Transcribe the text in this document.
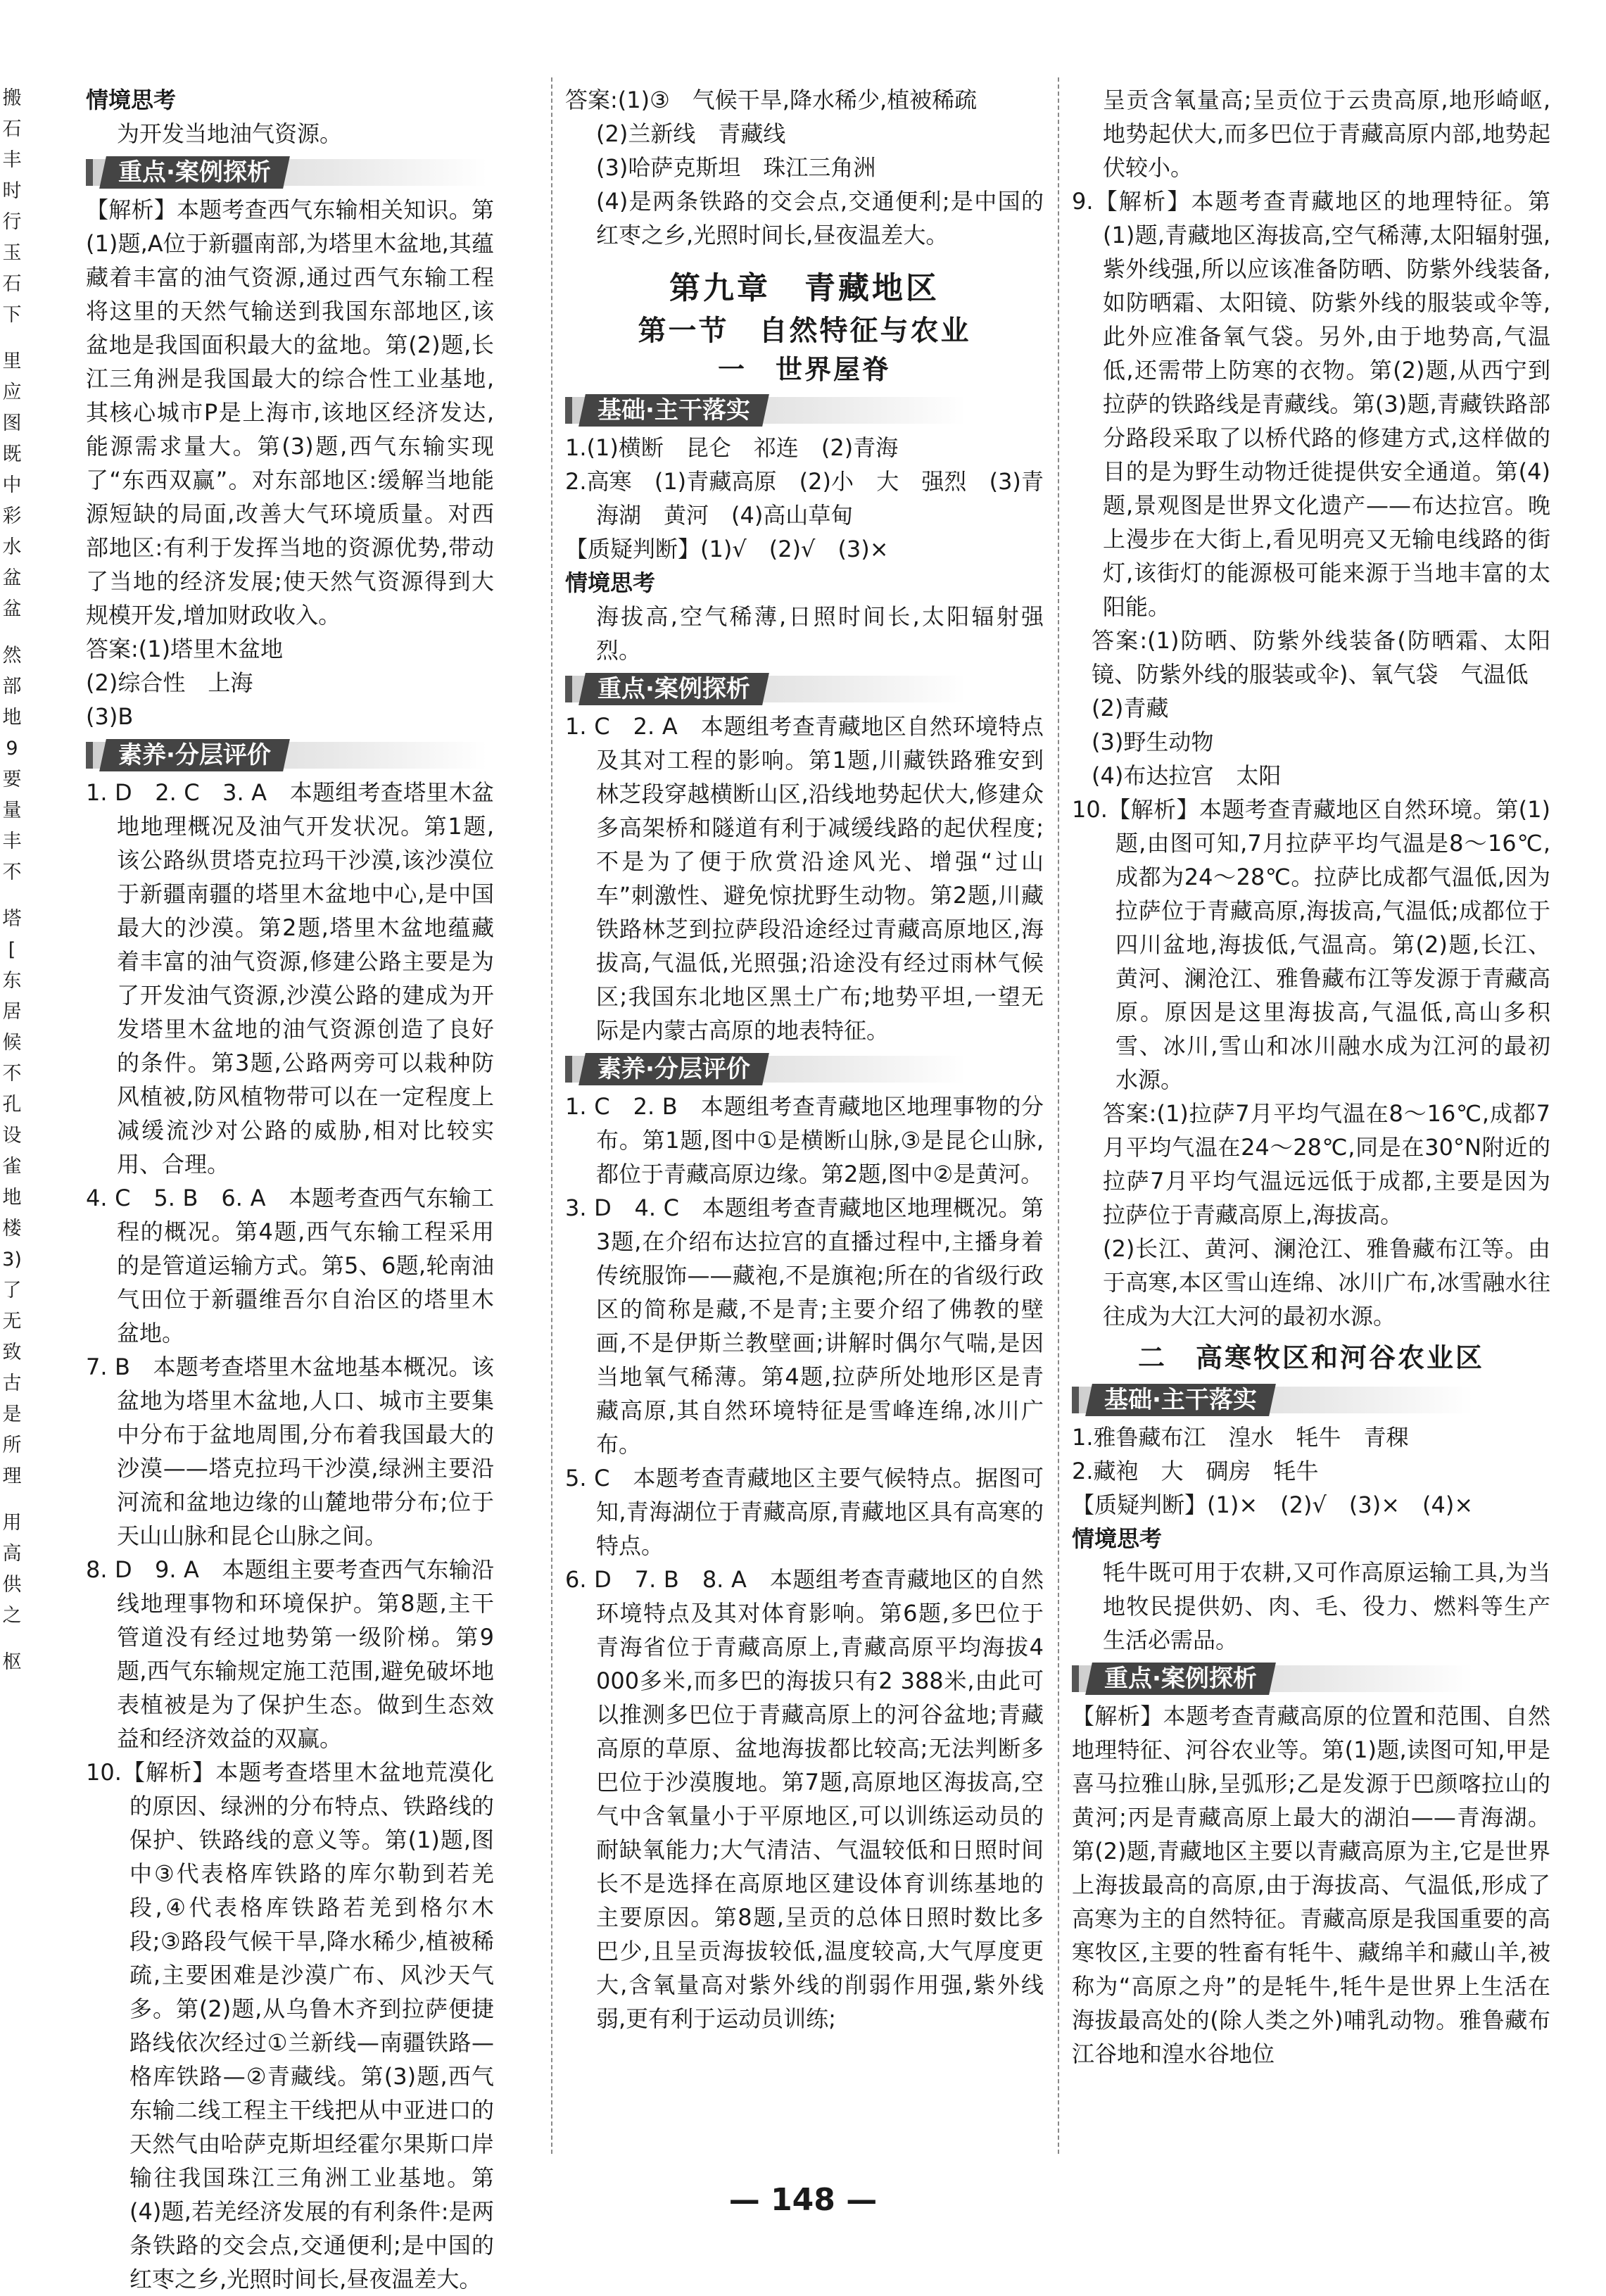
搬
石
丰
时
行
玉
石
下
里
应
图
既
中
彩
水
盆
盆
然
部
地
9
要
量
丰
不
塔
[
东
居
候
不
孔
设
雀
地
楼
3)
了
无
致
古
是
所
理
用
高
供
之
枢

情境思考

为开发当地油气资源。

重点·案例探析

【解析】本题考查西气东输相关知识。第(1)题,A位于新疆南部,为塔里木盆地,其蕴藏着丰富的油气资源,通过西气东输工程将这里的天然气输送到我国东部地区,该盆地是我国面积最大的盆地。第(2)题,长江三角洲是我国最大的综合性工业基地,其核心城市P是上海市,该地区经济发达,能源需求量大。第(3)题,西气东输实现了“东西双赢”。对东部地区:缓解当地能源短缺的局面,改善大气环境质量。对西部地区:有利于发挥当地的资源优势,带动了当地的经济发展;使天然气资源得到大规模开发,增加财政收入。

答案:(1)塔里木盆地

(2)综合性　上海

(3)B

素养·分层评价

1. D　2. C　3. A　本题组考查塔里木盆地地理概况及油气开发状况。第1题,该公路纵贯塔克拉玛干沙漠,该沙漠位于新疆南疆的塔里木盆地中心,是中国最大的沙漠。第2题,塔里木盆地蕴藏着丰富的油气资源,修建公路主要是为了开发油气资源,沙漠公路的建成为开发塔里木盆地的油气资源创造了良好的条件。第3题,公路两旁可以栽种防风植被,防风植物带可以在一定程度上减缓流沙对公路的威胁,相对比较实用、合理。

4. C　5. B　6. A　本题考查西气东输工程的概况。第4题,西气东输工程采用的是管道运输方式。第5、6题,轮南油气田位于新疆维吾尔自治区的塔里木盆地。

7. B　本题考查塔里木盆地基本概况。该盆地为塔里木盆地,人口、城市主要集中分布于盆地周围,分布着我国最大的沙漠——塔克拉玛干沙漠,绿洲主要沿河流和盆地边缘的山麓地带分布;位于天山山脉和昆仑山脉之间。

8. D　9. A　本题组主要考查西气东输沿线地理事物和环境保护。第8题,主干管道没有经过地势第一级阶梯。第9题,西气东输规定施工范围,避免破坏地表植被是为了保护生态。做到生态效益和经济效益的双赢。

10.【解析】本题考查塔里木盆地荒漠化的原因、绿洲的分布特点、铁路线的保护、铁路线的意义等。第(1)题,图中③代表格库铁路的库尔勒到若羌段,④代表格库铁路若羌到格尔木段;③路段气候干旱,降水稀少,植被稀疏,主要困难是沙漠广布、风沙天气多。第(2)题,从乌鲁木齐到拉萨便捷路线依次经过①兰新线—南疆铁路—格库铁路—②青藏线。第(3)题,西气东输二线工程主干线把从中亚进口的天然气由哈萨克斯坦经霍尔果斯口岸输往我国珠江三角洲工业基地。第(4)题,若羌经济发展的有利条件:是两条铁路的交会点,交通便利;是中国的红枣之乡,光照时间长,昼夜温差大。

答案:(1)③　气候干旱,降水稀少,植被稀疏

(2)兰新线　青藏线

(3)哈萨克斯坦　珠江三角洲

(4)是两条铁路的交会点,交通便利;是中国的红枣之乡,光照时间长,昼夜温差大。

第九章　青藏地区

第一节　自然特征与农业

一　世界屋脊

基础·主干落实

1.(1)横断　昆仑　祁连　(2)青海

2.高寒　(1)青藏高原　(2)小　大　强烈　(3)青海湖　黄河　(4)高山草甸

【质疑判断】(1)√　(2)√　(3)×

情境思考

海拔高,空气稀薄,日照时间长,太阳辐射强烈。

重点·案例探析

1. C　2. A　本题组考查青藏地区自然环境特点及其对工程的影响。第1题,川藏铁路雅安到林芝段穿越横断山区,沿线地势起伏大,修建众多高架桥和隧道有利于减缓线路的起伏程度;不是为了便于欣赏沿途风光、增强“过山车”刺激性、避免惊扰野生动物。第2题,川藏铁路林芝到拉萨段沿途经过青藏高原地区,海拔高,气温低,光照强;沿途没有经过雨林气候区;我国东北地区黑土广布;地势平坦,一望无际是内蒙古高原的地表特征。

素养·分层评价

1. C　2. B　本题组考查青藏地区地理事物的分布。第1题,图中①是横断山脉,③是昆仑山脉,都位于青藏高原边缘。第2题,图中②是黄河。

3. D　4. C　本题组考查青藏地区地理概况。第3题,在介绍布达拉宫的直播过程中,主播身着传统服饰——藏袍,不是旗袍;所在的省级行政区的简称是藏,不是青;主要介绍了佛教的壁画,不是伊斯兰教壁画;讲解时偶尔气喘,是因当地氧气稀薄。第4题,拉萨所处地形区是青藏高原,其自然环境特征是雪峰连绵,冰川广布。

5. C　本题考查青藏地区主要气候特点。据图可知,青海湖位于青藏高原,青藏地区具有高寒的特点。

6. D　7. B　8. A　本题组考查青藏地区的自然环境特点及其对体育影响。第6题,多巴位于青海省位于青藏高原上,青藏高原平均海拔4 000多米,而多巴的海拔只有2 388米,由此可以推测多巴位于青藏高原上的河谷盆地;青藏高原的草原、盆地海拔都比较高;无法判断多巴位于沙漠腹地。第7题,高原地区海拔高,空气中含氧量小于平原地区,可以训练运动员的耐缺氧能力;大气清洁、气温较低和日照时间长不是选择在高原地区建设体育训练基地的主要原因。第8题,呈贡的总体日照时数比多巴少,且呈贡海拔较低,温度较高,大气厚度更大,含氧量高对紫外线的削弱作用强,紫外线弱,更有利于运动员训练;

呈贡含氧量高;呈贡位于云贵高原,地形崎岖,地势起伏大,而多巴位于青藏高原内部,地势起伏较小。

9.【解析】本题考查青藏地区的地理特征。第(1)题,青藏地区海拔高,空气稀薄,太阳辐射强,紫外线强,所以应该准备防晒、防紫外线装备,如防晒霜、太阳镜、防紫外线的服装或伞等,此外应准备氧气袋。另外,由于地势高,气温低,还需带上防寒的衣物。第(2)题,从西宁到拉萨的铁路线是青藏线。第(3)题,青藏铁路部分路段采取了以桥代路的修建方式,这样做的目的是为野生动物迁徙提供安全通道。第(4)题,景观图是世界文化遗产——布达拉宫。晚上漫步在大街上,看见明亮又无输电线路的街灯,该街灯的能源极可能来源于当地丰富的太阳能。

答案:(1)防晒、防紫外线装备(防晒霜、太阳镜、防紫外线的服装或伞)、氧气袋　气温低

(2)青藏

(3)野生动物

(4)布达拉宫　太阳

10.【解析】本题考查青藏地区自然环境。第(1)题,由图可知,7月拉萨平均气温是8～16℃,成都为24～28℃。拉萨比成都气温低,因为拉萨位于青藏高原,海拔高,气温低;成都位于四川盆地,海拔低,气温高。第(2)题,长江、黄河、澜沧江、雅鲁藏布江等发源于青藏高原。原因是这里海拔高,气温低,高山多积雪、冰川,雪山和冰川融水成为江河的最初水源。

答案:(1)拉萨7月平均气温在8～16℃,成都7月平均气温在24～28℃,同是在30°N附近的拉萨7月平均气温远远低于成都,主要是因为拉萨位于青藏高原上,海拔高。

(2)长江、黄河、澜沧江、雅鲁藏布江等。由于高寒,本区雪山连绵、冰川广布,冰雪融水往往成为大江大河的最初水源。

二　高寒牧区和河谷农业区

基础·主干落实

1.雅鲁藏布江　湟水　牦牛　青稞

2.藏袍　大　碉房　牦牛

【质疑判断】(1)×　(2)√　(3)×　(4)×

情境思考

牦牛既可用于农耕,又可作高原运输工具,为当地牧民提供奶、肉、毛、役力、燃料等生产生活必需品。

重点·案例探析

【解析】本题考查青藏高原的位置和范围、自然地理特征、河谷农业等。第(1)题,读图可知,甲是喜马拉雅山脉,呈弧形;乙是发源于巴颜喀拉山的黄河;丙是青藏高原上最大的湖泊——青海湖。第(2)题,青藏地区主要以青藏高原为主,它是世界上海拔最高的高原,由于海拔高、气温低,形成了高寒为主的自然特征。青藏高原是我国重要的高寒牧区,主要的牲畜有牦牛、藏绵羊和藏山羊,被称为“高原之舟”的是牦牛,牦牛是世界上生活在海拔最高处的(除人类之外)哺乳动物。雅鲁藏布江谷地和湟水谷地位

— 148 —
